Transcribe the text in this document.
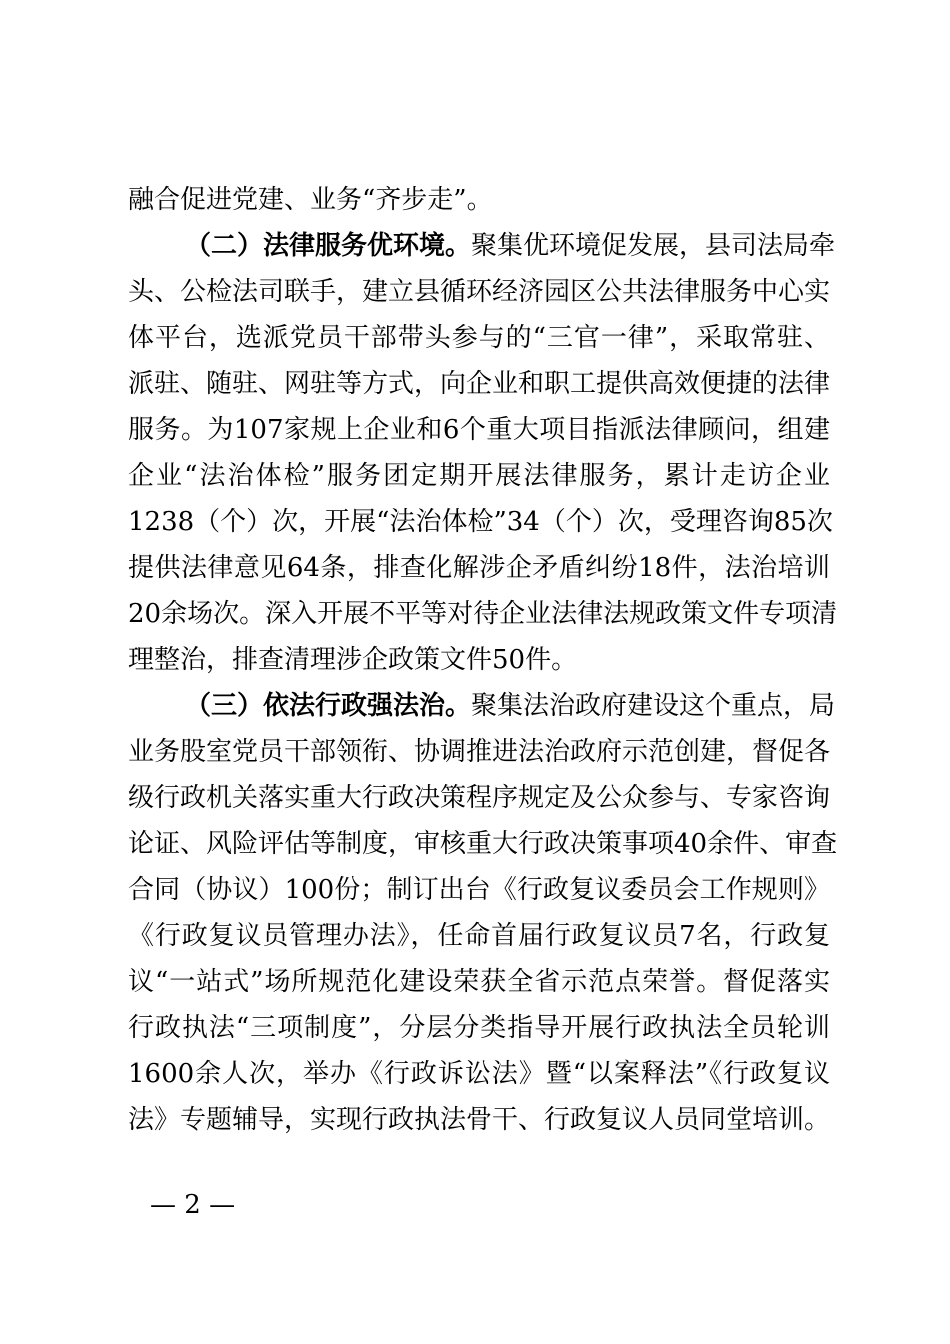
融合促进党建、业务“齐步走”。
（二）法律服务优环境。聚集优环境促发展，县司法局牵
头、公检法司联手，建立县循环经济园区公共法律服务中心实
体平台，选派党员干部带头参与的“三官一律”，采取常驻、
派驻、随驻、网驻等方式，向企业和职工提供高效便捷的法律
服务。为107家规上企业和6个重大项目指派法律顾问，组建
企业“法治体检”服务团定期开展法律服务，累计走访企业
1238（个）次，开展“法治体检”34（个）次，受理咨询85次
提供法律意见64条，排查化解涉企矛盾纠纷18件，法治培训
20余场次。深入开展不平等对待企业法律法规政策文件专项清
理整治，排查清理涉企政策文件50件。
（三）依法行政强法治。聚集法治政府建设这个重点，局
业务股室党员干部领衔、协调推进法治政府示范创建，督促各
级行政机关落实重大行政决策程序规定及公众参与、专家咨询
论证、风险评估等制度，审核重大行政决策事项40余件、审查
合同（协议）100份；制订出台《行政复议委员会工作规则》
《行政复议员管理办法》，任命首届行政复议员7名，行政复
议“一站式”场所规范化建设荣获全省示范点荣誉。督促落实
行政执法“三项制度”，分层分类指导开展行政执法全员轮训
1600余人次，举办《行政诉讼法》暨“以案释法”《行政复议
法》专题辅导，实现行政执法骨干、行政复议人员同堂培训。
— 2 —
